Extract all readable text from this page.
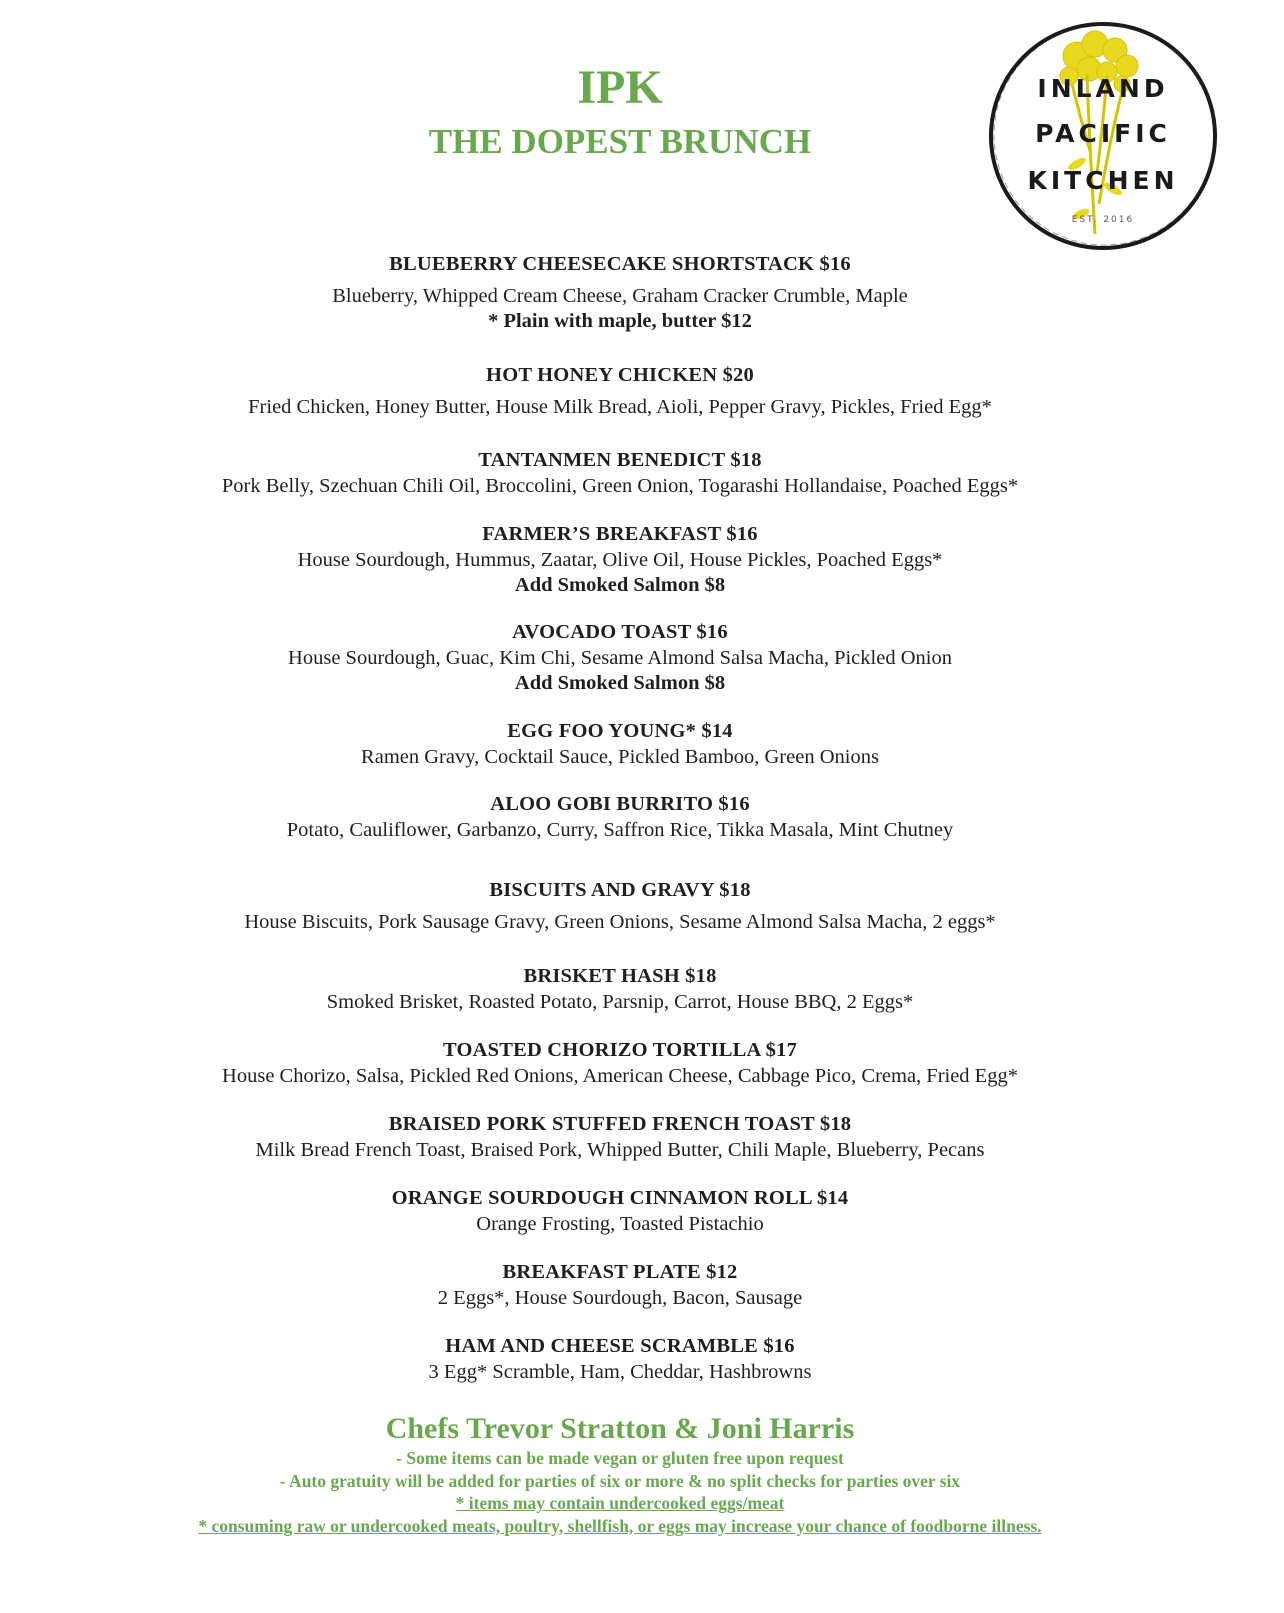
IPK
THE DOPEST BRUNCH
INLAND
PACIFIC
KITCHEN
EST. 2016
BLUEBERRY CHEESECAKE SHORTSTACK $16
Blueberry, Whipped Cream Cheese, Graham Cracker Crumble, Maple
* Plain with maple, butter $12
HOT HONEY CHICKEN $20
Fried Chicken, Honey Butter, House Milk Bread, Aioli, Pepper Gravy, Pickles, Fried Egg*
TANTANMEN BENEDICT $18
Pork Belly, Szechuan Chili Oil, Broccolini, Green Onion, Togarashi Hollandaise, Poached Eggs*
FARMER’S BREAKFAST $16
House Sourdough, Hummus, Zaatar, Olive Oil, House Pickles, Poached Eggs*
Add Smoked Salmon $8
AVOCADO TOAST $16
House Sourdough, Guac, Kim Chi, Sesame Almond Salsa Macha, Pickled Onion
Add Smoked Salmon $8
EGG FOO YOUNG* $14
Ramen Gravy, Cocktail Sauce, Pickled Bamboo, Green Onions
ALOO GOBI BURRITO $16
Potato, Cauliflower, Garbanzo, Curry, Saffron Rice, Tikka Masala, Mint Chutney
BISCUITS AND GRAVY $18
House Biscuits, Pork Sausage Gravy, Green Onions, Sesame Almond Salsa Macha, 2 eggs*
BRISKET HASH $18
Smoked Brisket, Roasted Potato, Parsnip, Carrot, House BBQ, 2 Eggs*
TOASTED CHORIZO TORTILLA $17
House Chorizo, Salsa, Pickled Red Onions, American Cheese, Cabbage Pico, Crema, Fried Egg*
BRAISED PORK STUFFED FRENCH TOAST $18
Milk Bread French Toast, Braised Pork, Whipped Butter, Chili Maple, Blueberry, Pecans
ORANGE SOURDOUGH CINNAMON ROLL $14
Orange Frosting, Toasted Pistachio
BREAKFAST PLATE $12
2 Eggs*, House Sourdough, Bacon, Sausage
HAM AND CHEESE SCRAMBLE $16
3 Egg* Scramble, Ham, Cheddar, Hashbrowns
Chefs Trevor Stratton & Joni Harris
- Some items can be made vegan or gluten free upon request
- Auto gratuity will be added for parties of six or more & no split checks for parties over six
* items may contain undercooked eggs/meat
* consuming raw or undercooked meats, poultry, shellfish, or eggs may increase your chance of foodborne illness.
